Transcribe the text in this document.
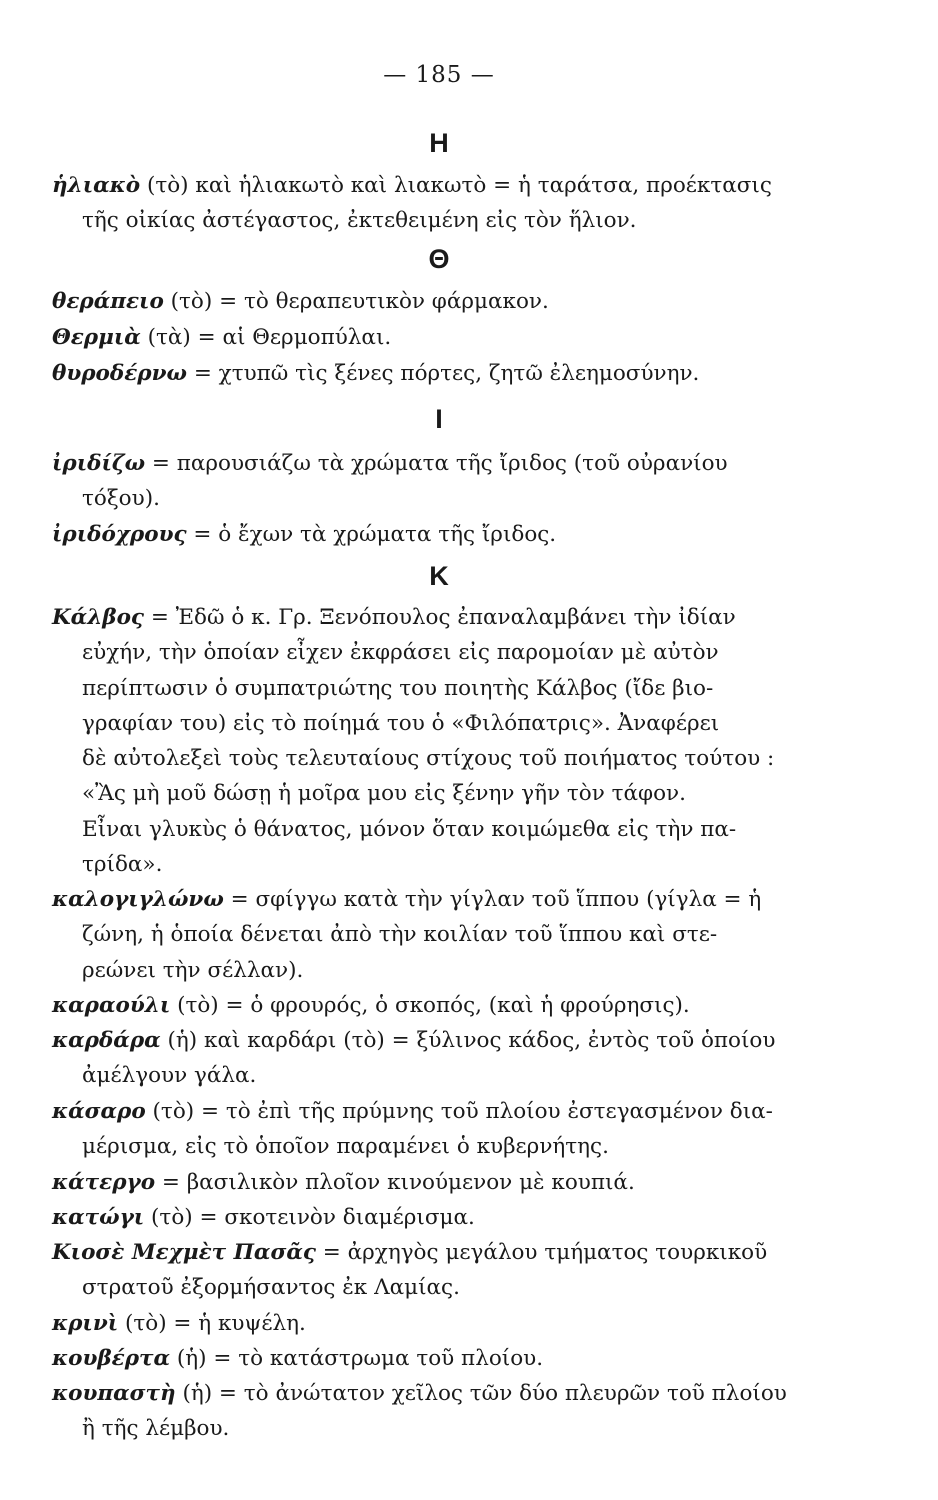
— 185 —
Η

ἡλιακὸ (τὸ) καὶ ἡλιακωτὸ καὶ λιακωτὸ = ἡ ταράτσα, προέκτασις

τῆς οἰκίας ἀστέγαστος, ἐκτεθειμένη εἰς τὸν ἥλιον.

Θ

θεράπειο (τὸ) = τὸ θεραπευτικὸν φάρμακον.

Θερμιὰ (τὰ) = αἱ Θερμοπύλαι.

θυροδέρνω = χτυπῶ τὶς ξένες πόρτες, ζητῶ ἐλεημοσύνην.

Ι

ἰριδίζω = παρουσιάζω τὰ χρώματα τῆς ἴριδος (τοῦ οὐρανίου

τόξου).

ἰριδόχρους = ὁ ἔχων τὰ χρώματα τῆς ἴριδος.

Κ

Κάλβος = Ἐδῶ ὁ κ. Γρ. Ξενόπουλος ἐπαναλαμβάνει τὴν ἰδίαν

εὐχήν, τὴν ὁποίαν εἶχεν ἐκφράσει εἰς παρομοίαν μὲ αὐτὸν

περίπτωσιν ὁ συμπατριώτης του ποιητὴς Κάλβος (ἴδε βιο-

γραφίαν του) εἰς τὸ ποίημά του ὁ «Φιλόπατρις». Ἀναφέρει

δὲ αὐτολεξεὶ τοὺς τελευταίους στίχους τοῦ ποιήματος τούτου :

«Ἂς μὴ μοῦ δώσῃ ἡ μοῖρα μου εἰς ξένην γῆν τὸν τάφον.

Εἶναι γλυκὺς ὁ θάνατος, μόνον ὅταν κοιμώμεθα εἰς τὴν πα-

τρίδα».

καλογιγλώνω = σφίγγω κατὰ τὴν γίγλαν τοῦ ἵππου (γίγλα = ἡ

ζώνη, ἡ ὁποία δένεται ἀπὸ τὴν κοιλίαν τοῦ ἵππου καὶ στε-

ρεώνει τὴν σέλλαν).

καραούλι (τὸ) = ὁ φρουρός, ὁ σκοπός, (καὶ ἡ φρούρησις).

καρδάρα (ἡ) καὶ καρδάρι (τὸ) = ξύλινος κάδος, ἐντὸς τοῦ ὁποίου

ἀμέλγουν γάλα.

κάσαρο (τὸ) = τὸ ἐπὶ τῆς πρύμνης τοῦ πλοίου ἐστεγασμένον δια-

μέρισμα, εἰς τὸ ὁποῖον παραμένει ὁ κυβερνήτης.

κάτεργο = βασιλικὸν πλοῖον κινούμενον μὲ κουπιά.

κατώγι (τὸ) = σκοτεινὸν διαμέρισμα.

Κιοσὲ Μεχμὲτ Πασᾶς = ἀρχηγὸς μεγάλου τμήματος τουρκικοῦ

στρατοῦ ἐξορμήσαντος ἐκ Λαμίας.

κρινὶ (τὸ) = ἡ κυψέλη.

κουβέρτα (ἡ) = τὸ κατάστρωμα τοῦ πλοίου.

κουπαστὴ (ἡ) = τὸ ἀνώτατον χεῖλος τῶν δύο πλευρῶν τοῦ πλοίου

ἢ τῆς λέμβου.
